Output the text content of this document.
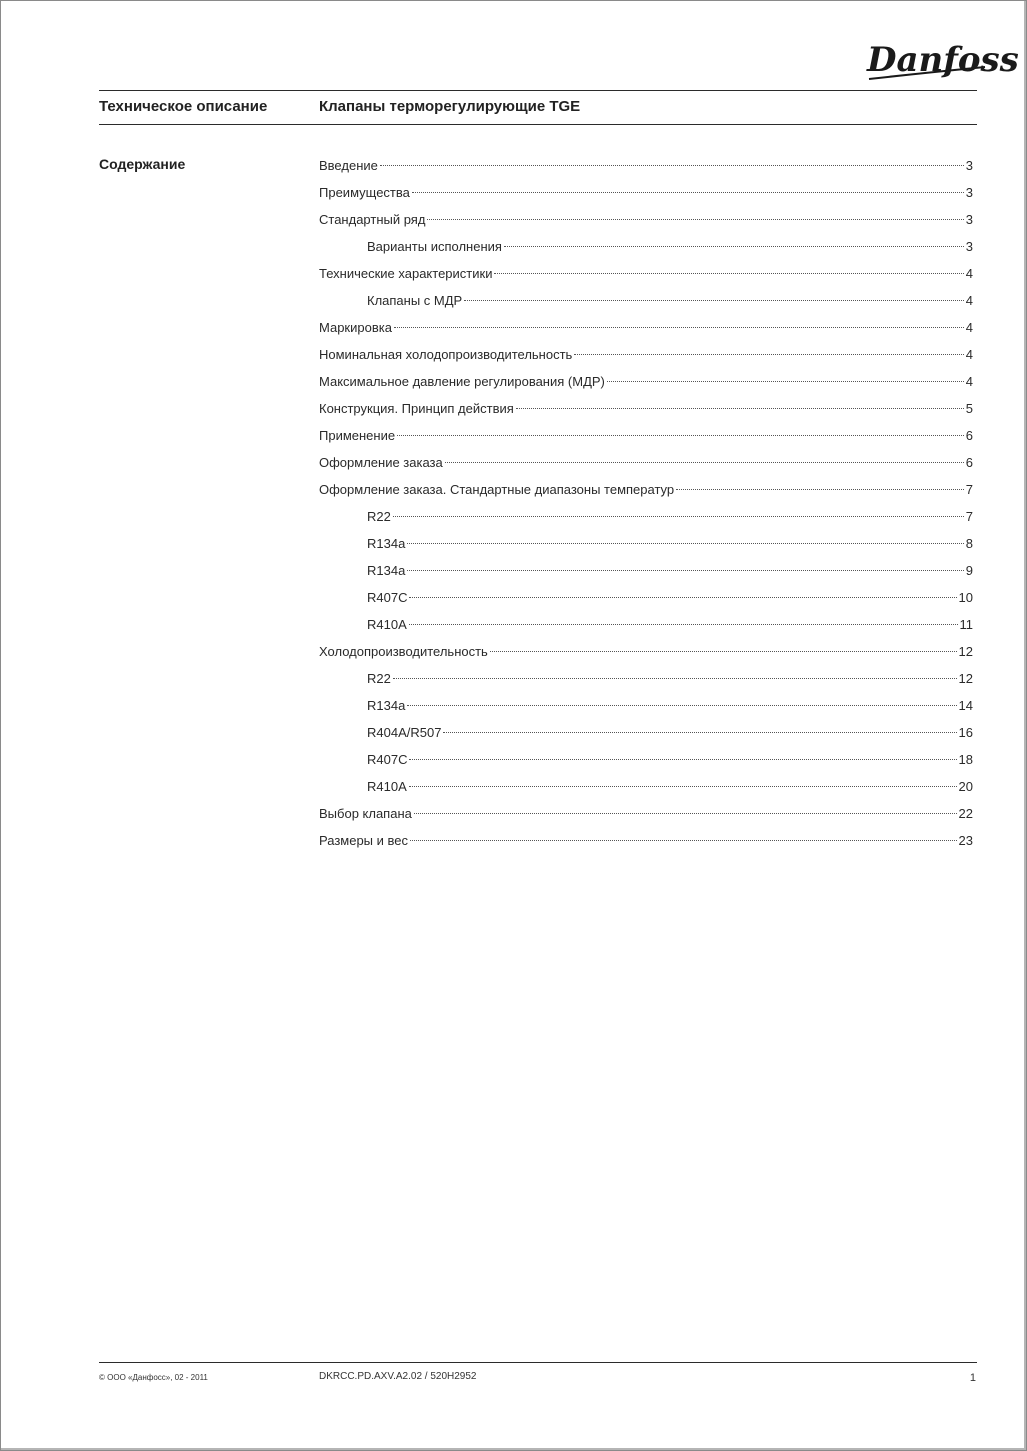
Danfoss
Техническое описание	Клапаны терморегулирующие TGE
Содержание	Введение	3
Преимущества	3
Стандартный ряд	3
Варианты исполнения	3
Технические характеристики	4
Клапаны с МДР	4
Маркировка	4
Номинальная холодопроизводительность	4
Максимальное давление регулирования (МДР)	4
Конструкция. Принцип действия	5
Применение	6
Оформление заказа	6
Оформление заказа. Стандартные диапазоны температур	7
R22	7
R134a	8
R134a	9
R407C	10
R410A	11
Холодопроизводительность	12
R22	12
R134a	14
R404A/R507	16
R407C	18
R410A	20
Выбор клапана	22
Размеры и вес	23
© ООО «Данфосс», 02 - 2011	DKRCC.PD.AXV.A2.02 / 520H2952	1
